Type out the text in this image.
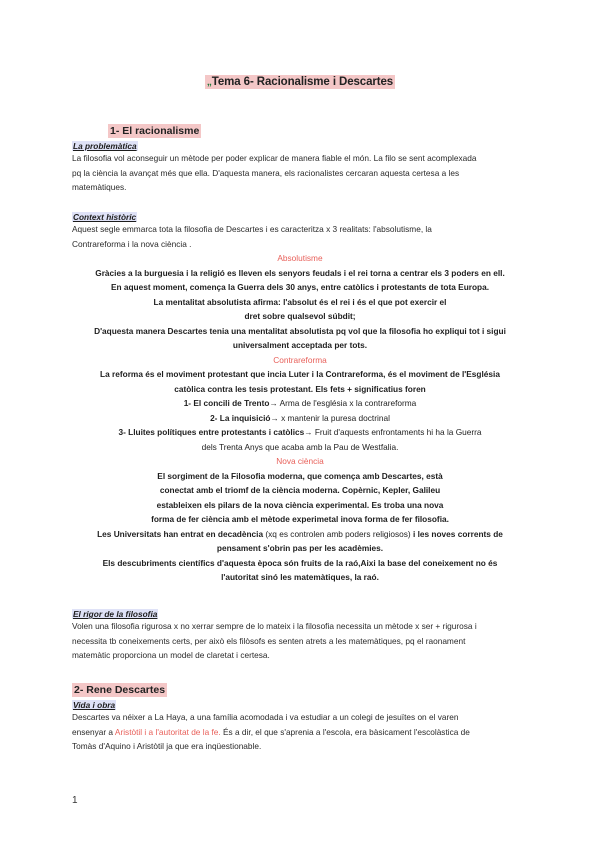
„Tema 6- Racionalisme i Descartes
1- El racionalisme
La problemàtica

La filosofia vol aconseguir un mètode per poder explicar de manera fiable el món. La filo se sent acomplexada
pq la ciència la avançat més que ella. D'aquesta manera, els racionalistes cercaran aquesta certesa a les
matemàtiques.

Context històric

Aquest segle emmarca tota la filosofia de Descartes i es caracteritza x 3 realitats: l'absolutisme, la
Contrareforma i la nova ciència .

Absolutisme
Gràcies a la burguesia i la religió es lleven els senyors feudals i el rei torna a centrar els 3 poders en ell.
En aquest moment, comença la Guerra dels 30 anys, entre catòlics i protestants de tota Europa.
La mentalitat absolutista afirma: l'absolut és el rei i és el que pot exercir el
dret sobre qualsevol súbdit;
D'aquesta manera Descartes tenia una mentalitat absolutista pq vol que la filosofia ho expliqui tot i sigui
universalment acceptada per tots.
Contrareforma
La reforma és el moviment protestant que incia Luter i la Contrareforma, és el moviment de l'Església
catòlica contra les tesis protestant. Els fets + significatius foren
1- El concili de Trento→ Arma de l'església x la contrareforma
2- La inquisició→ x mantenir la puresa doctrinal
3- Lluites polítiques entre protestants i catòlics→ Fruit d'aquests enfrontaments hi ha la Guerra
dels Trenta Anys que acaba amb la Pau de Westfalia.
Nova ciència
El sorgiment de la Filosofia moderna, que comença amb Descartes, està
conectat amb el triomf de la ciència moderna. Copèrnic, Kepler, Galileu
estableixen els pilars de la nova ciència experimental. Es troba una nova
forma de fer ciència amb el mètode experimetal inova forma de fer filosofia.
Les Universitats han entrat en decadència (xq es controlen amb poders religiosos) i les noves corrents de
pensament s'obrin pas per les acadèmies.
Els descubriments científics d'aquesta època són fruits de la raó,Aixi la base del coneixement no és
l'autoritat sinó les matemàtiques, la raó.

El rigor de la filosofia

Volen una filosofia rigurosa x no xerrar sempre de lo mateix i la filosofia necessita un mètode x ser + rigurosa i
necessita tb coneixements certs, per això els filòsofs es senten atrets a les matemàtiques, pq el raonament
matemàtic proporciona un model de claretat i certesa.

2- Rene Descartes
Vida i obra

Descartes va néixer a La Haya, a una família acomodada i va estudiar a un colegi de jesuïtes on el varen
ensenyar a Aristòtil i a l'autoritat de la fe. És a dir, el que s'aprenia a l'escola, era bàsicament l'escolàstica de
Tomàs d'Aquino i Aristòtil ja que era inqüestionable.

1
